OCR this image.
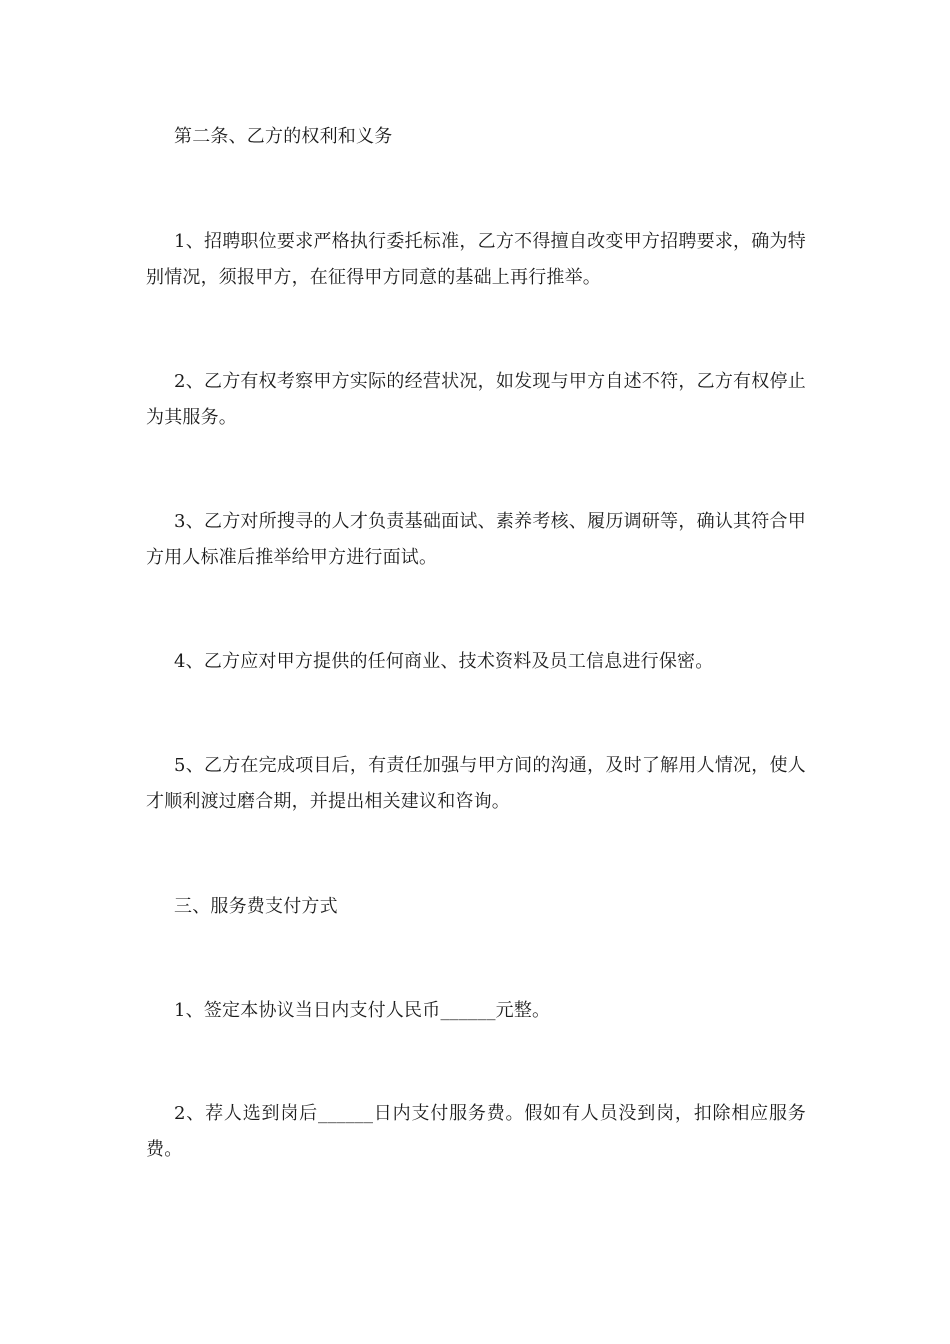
第二条、乙方的权利和义务

1、招聘职位要求严格执行委托标准，乙方不得擅自改变甲方招聘要求，确为特别情况，须报甲方，在征得甲方同意的基础上再行推举。

2、乙方有权考察甲方实际的经营状况，如发现与甲方自述不符，乙方有权停止为其服务。

3、乙方对所搜寻的人才负责基础面试、素养考核、履历调研等，确认其符合甲方用人标准后推举给甲方进行面试。

4、乙方应对甲方提供的任何商业、技术资料及员工信息进行保密。

5、乙方在完成项目后，有责任加强与甲方间的沟通，及时了解用人情况，使人才顺利渡过磨合期，并提出相关建议和咨询。

三、服务费支付方式

1、签定本协议当日内支付人民币______元整。

2、荐人选到岗后______日内支付服务费。假如有人员没到岗，扣除相应服务费。
